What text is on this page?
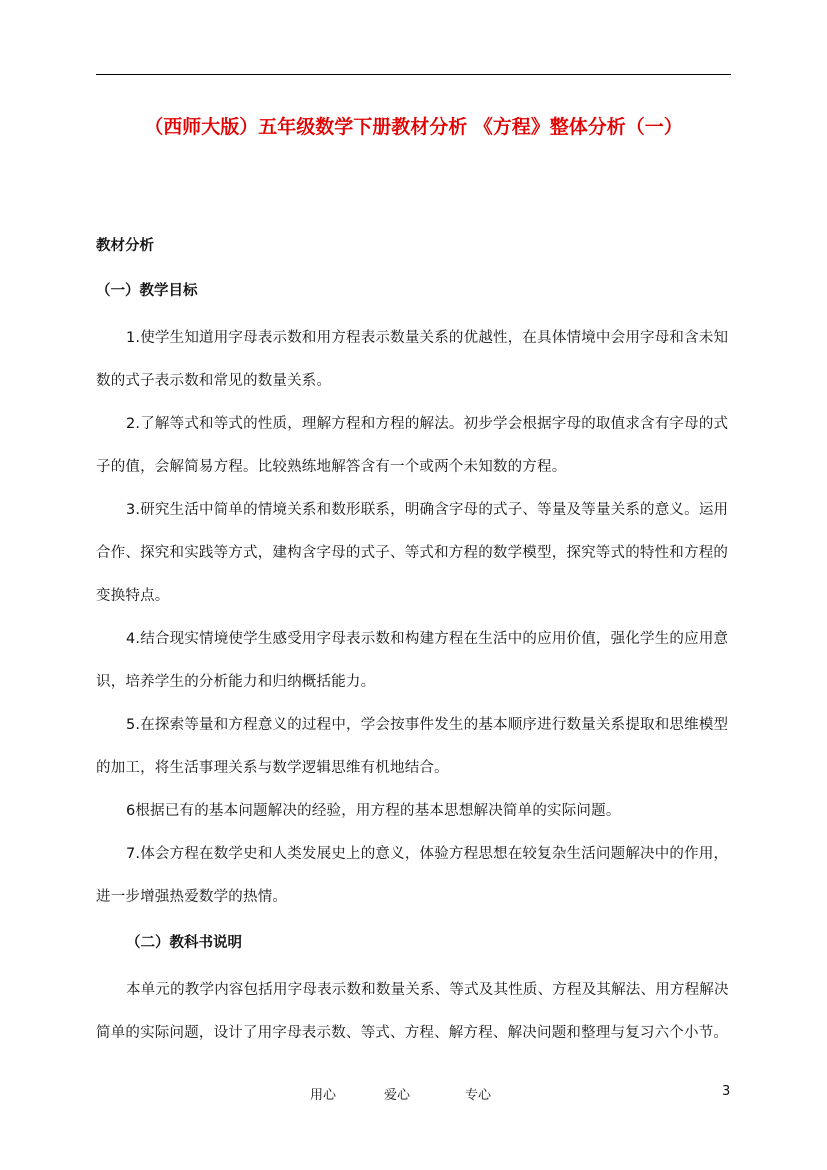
（西师大版）五年级数学下册教材分析 《方程》整体分析（一）

教材分析

（一）教学目标

1.使学生知道用字母表示数和用方程表示数量关系的优越性，在具体情境中会用字母和含未知数的式子表示数和常见的数量关系。

2.了解等式和等式的性质，理解方程和方程的解法。初步学会根据字母的取值求含有字母的式子的值，会解简易方程。比较熟练地解答含有一个或两个未知数的方程。

3.研究生活中简单的情境关系和数形联系，明确含字母的式子、等量及等量关系的意义。运用合作、探究和实践等方式，建构含字母的式子、等式和方程的数学模型，探究等式的特性和方程的变换特点。

4.结合现实情境使学生感受用字母表示数和构建方程在生活中的应用价值，强化学生的应用意识，培养学生的分析能力和归纳概括能力。

5.在探索等量和方程意义的过程中，学会按事件发生的基本顺序进行数量关系提取和思维模型的加工，将生活事理关系与数学逻辑思维有机地结合。

6根据已有的基本问题解决的经验，用方程的基本思想解决简单的实际问题。

7.体会方程在数学史和人类发展史上的意义，体验方程思想在较复杂生活问题解决中的作用，进一步增强热爱数学的热情。

（二）教科书说明

本单元的教学内容包括用字母表示数和数量关系、等式及其性质、方程及其解法、用方程解决简单的实际问题，设计了用字母表示数、等式、方程、解方程、解决问题和整理与复习六个小节。

用心	爱心	专心	3
